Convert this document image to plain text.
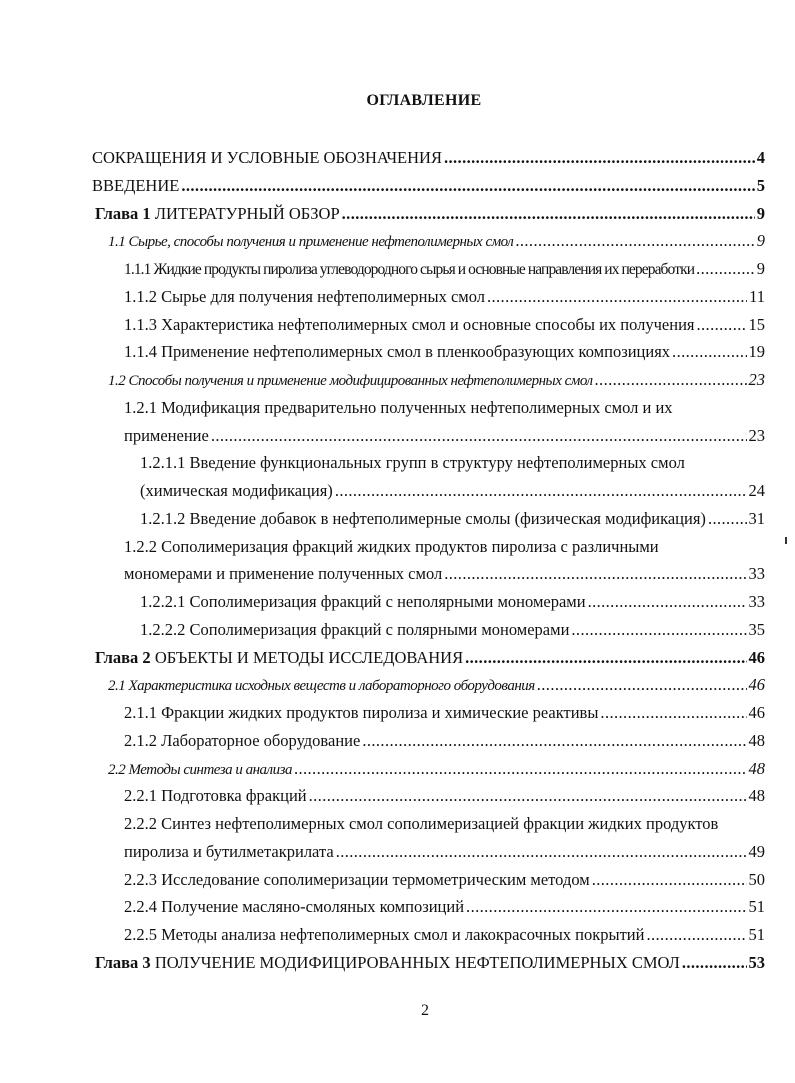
ОГЛАВЛЕНИЕ
СОКРАЩЕНИЯ И УСЛОВНЫЕ ОБОЗНАЧЕНИЯ .....	4
ВВЕДЕНИЕ .....	5
Глава 1 ЛИТЕРАТУРНЫЙ ОБЗОР .....	9
1.1 Сырье, способы получения и применение нефтеполимерных смол .....	9
1.1.1 Жидкие продукты пиролиза углеводородного сырья и основные направления их переработки .....	9
1.1.2 Сырье для получения нефтеполимерных смол .....	11
1.1.3 Характеристика нефтеполимерных смол и основные способы их получения .....	15
1.1.4 Применение нефтеполимерных смол в пленкообразующих композициях .....	19
1.2 Способы получения и применение модифицированных нефтеполимерных смол .....	23
1.2.1 Модификация предварительно полученных нефтеполимерных смол и их
применение .....	23
1.2.1.1 Введение функциональных групп в структуру нефтеполимерных смол
(химическая модификация) .....	24
1.2.1.2 Введение добавок в нефтеполимерные смолы (физическая модификация) .....	31
1.2.2 Сополимеризация фракций жидких продуктов пиролиза с различными
мономерами и применение полученных смол .....	33
1.2.2.1 Сополимеризация фракций с неполярными мономерами .....	33
1.2.2.2 Сополимеризация фракций с полярными мономерами .....	35
Глава 2 ОБЪЕКТЫ И МЕТОДЫ ИССЛЕДОВАНИЯ .....	46
2.1 Характеристика исходных веществ и лабораторного оборудования .....	46
2.1.1 Фракции жидких продуктов пиролиза и химические реактивы .....	46
2.1.2 Лабораторное оборудование .....	48
2.2 Методы синтеза и анализа .....	48
2.2.1 Подготовка фракций .....	48
2.2.2 Синтез нефтеполимерных смол сополимеризацией фракции жидких продуктов
пиролиза и бутилметакрилата .....	49
2.2.3 Исследование сополимеризации термометрическим методом .....	50
2.2.4 Получение масляно-смоляных композиций .....	51
2.2.5 Методы анализа нефтеполимерных смол и лакокрасочных покрытий .....	51
Глава 3 ПОЛУЧЕНИЕ МОДИФИЦИРОВАННЫХ НЕФТЕПОЛИМЕРНЫХ СМОЛ .....	53
2
